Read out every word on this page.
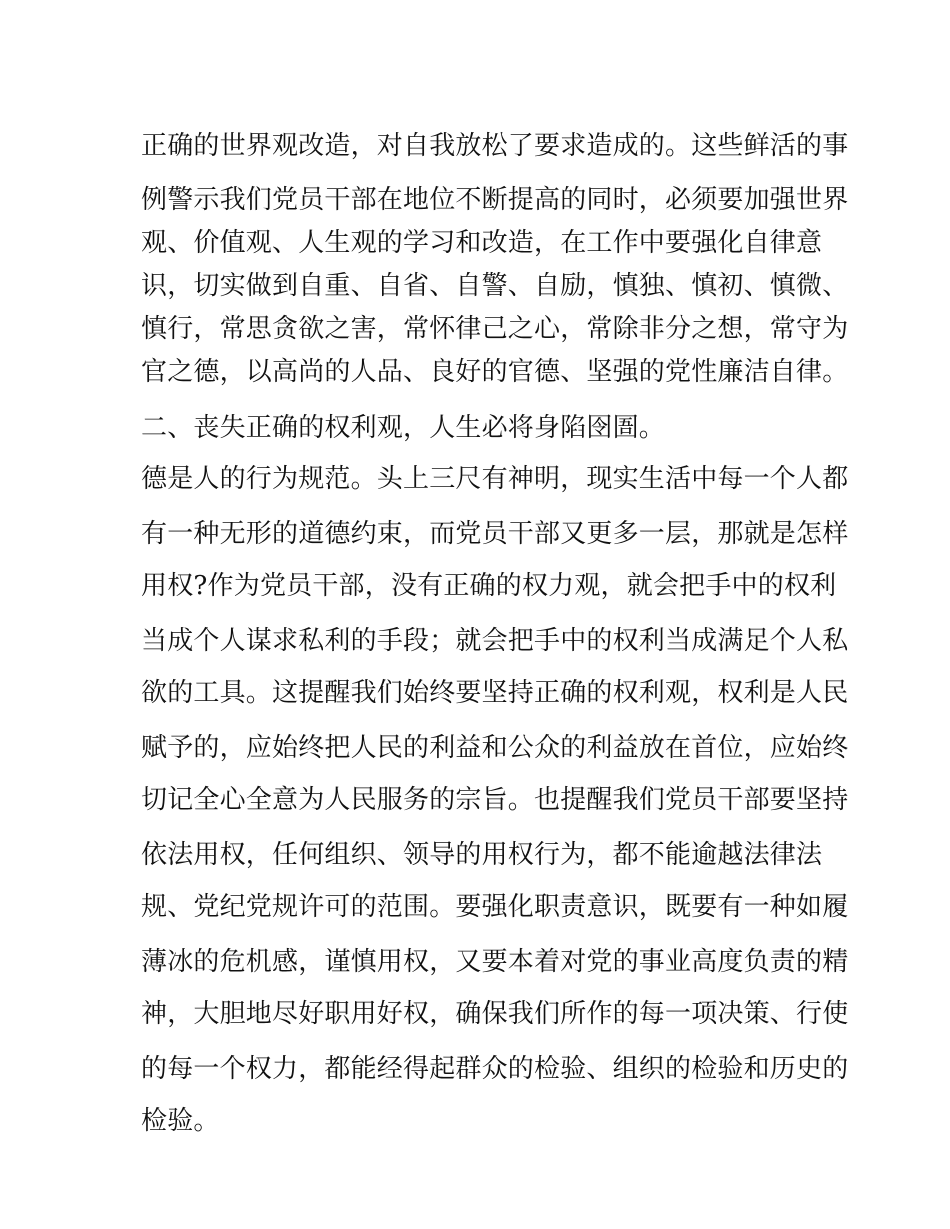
正确的世界观改造，对自我放松了要求造成的。这些鲜活的事
例警示我们党员干部在地位不断提高的同时，必须要加强世界
观、价值观、人生观的学习和改造，在工作中要强化自律意
识，切实做到自重、自省、自警、自励，慎独、慎初、慎微、
慎行，常思贪欲之害，常怀律己之心，常除非分之想，常守为
官之德，以高尚的人品、良好的官德、坚强的党性廉洁自律。
二、丧失正确的权利观，人生必将身陷囹圄。
德是人的行为规范。头上三尺有神明，现实生活中每一个人都
有一种无形的道德约束，而党员干部又更多一层，那就是怎样
用权?作为党员干部，没有正确的权力观，就会把手中的权利
当成个人谋求私利的手段；就会把手中的权利当成满足个人私
欲的工具。这提醒我们始终要坚持正确的权利观，权利是人民
赋予的，应始终把人民的利益和公众的利益放在首位，应始终
切记全心全意为人民服务的宗旨。也提醒我们党员干部要坚持
依法用权，任何组织、领导的用权行为，都不能逾越法律法
规、党纪党规许可的范围。要强化职责意识，既要有一种如履
薄冰的危机感，谨慎用权，又要本着对党的事业高度负责的精
神，大胆地尽好职用好权，确保我们所作的每一项决策、行使
的每一个权力，都能经得起群众的检验、组织的检验和历史的
检验。
